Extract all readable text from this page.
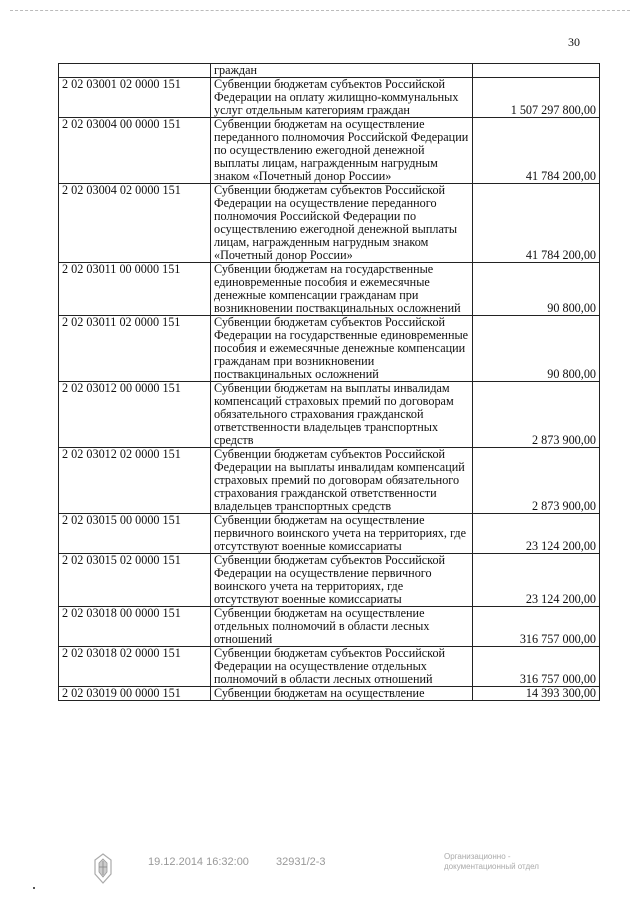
30
	граждан	
2 02 03001 02 0000 151	Субвенции бюджетам субъектов Российской Федерации на оплату жилищно-коммунальных услуг отдельным категориям граждан	1 507 297 800,00
2 02 03004 00 0000 151	Субвенции бюджетам на осуществление переданного полномочия Российской Федерации по осуществлению ежегодной денежной выплаты лицам, награжденным нагрудным знаком «Почетный донор России»	41 784 200,00
2 02 03004 02 0000 151	Субвенции бюджетам субъектов Российской Федерации на осуществление переданного полномочия Российской Федерации по осуществлению ежегодной денежной выплаты лицам, награжденным нагрудным знаком «Почетный донор России»	41 784 200,00
2 02 03011 00 0000 151	Субвенции бюджетам на государственные единовременные пособия и ежемесячные денежные компенсации гражданам при возникновении поствакцинальных осложнений	90 800,00
2 02 03011 02 0000 151	Субвенции бюджетам субъектов Российской Федерации на государственные единовременные пособия и ежемесячные денежные компенсации гражданам при возникновении поствакцинальных осложнений	90 800,00
2 02 03012 00 0000 151	Субвенции бюджетам на выплаты инвалидам компенсаций страховых премий по договорам обязательного страхования гражданской ответственности владельцев транспортных средств	2 873 900,00
2 02 03012 02 0000 151	Субвенции бюджетам субъектов Российской Федерации на выплаты инвалидам компенсаций страховых премий по договорам обязательного страхования гражданской ответственности владельцев транспортных средств	2 873 900,00
2 02 03015 00 0000 151	Субвенции бюджетам на осуществление первичного воинского учета на территориях, где отсутствуют военные комиссариаты	23 124 200,00
2 02 03015 02 0000 151	Субвенции бюджетам субъектов Российской Федерации на осуществление первичного воинского учета на территориях, где отсутствуют военные комиссариаты	23 124 200,00
2 02 03018 00 0000 151	Субвенции бюджетам на осуществление отдельных полномочий в области лесных отношений	316 757 000,00
2 02 03018 02 0000 151	Субвенции бюджетам субъектов Российской Федерации на осуществление отдельных полномочий в области лесных отношений	316 757 000,00
2 02 03019 00 0000 151	Субвенции бюджетам на осуществление	14 393 300,00
19.12.2014 16:32:00 32931/2-3	Организационно -
документационный отдел
